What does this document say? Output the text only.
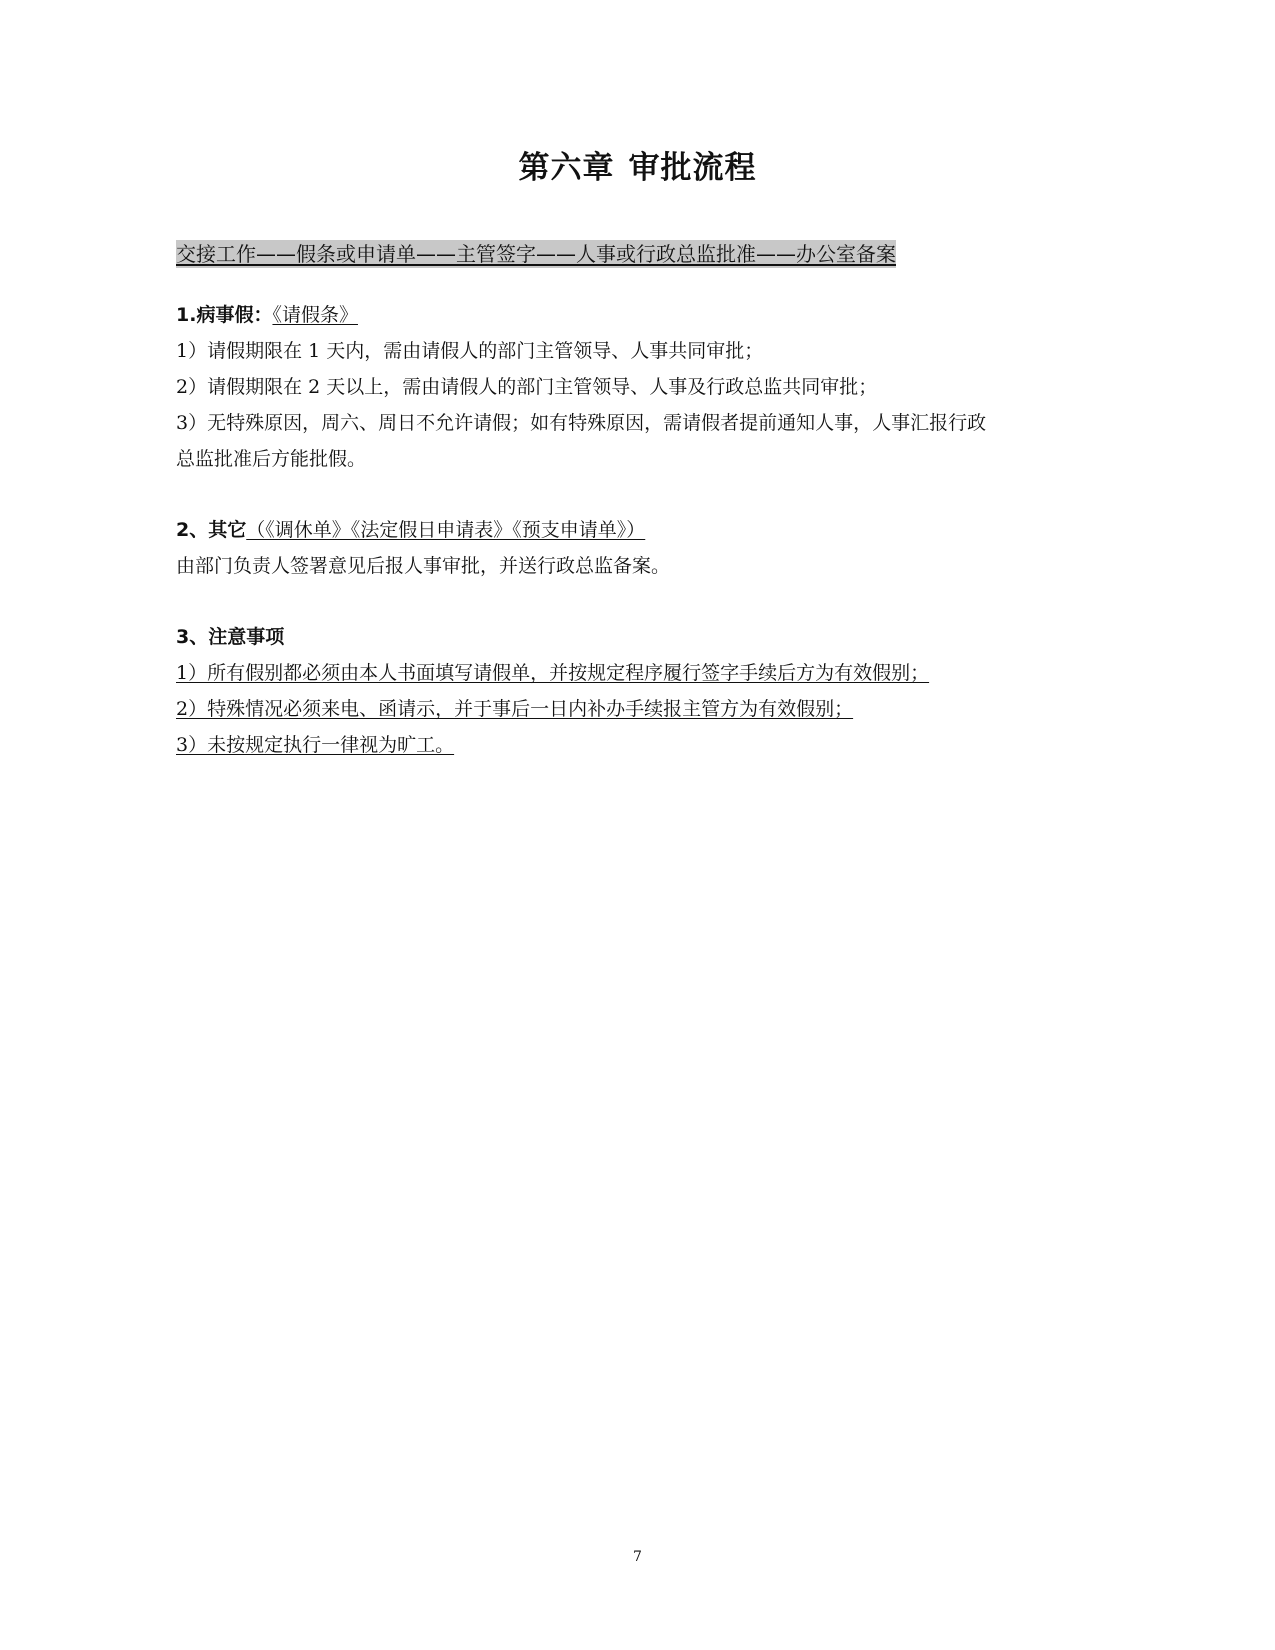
第六章 审批流程
交接工作——假条或申请单——主管签字——人事或行政总监批准——办公室备案
1.病事假：《请假条》
1）请假期限在 1 天内，需由请假人的部门主管领导、人事共同审批；
2）请假期限在 2 天以上，需由请假人的部门主管领导、人事及行政总监共同审批；
3）无特殊原因，周六、周日不允许请假；如有特殊原因，需请假者提前通知人事，人事汇报行政
总监批准后方能批假。
2、其它（《调休单》《法定假日申请表》《预支申请单》）
由部门负责人签署意见后报人事审批，并送行政总监备案。
3、注意事项
1）所有假别都必须由本人书面填写请假单，并按规定程序履行签字手续后方为有效假别；
2）特殊情况必须来电、函请示，并于事后一日内补办手续报主管方为有效假别；
3）未按规定执行一律视为旷工。
7
